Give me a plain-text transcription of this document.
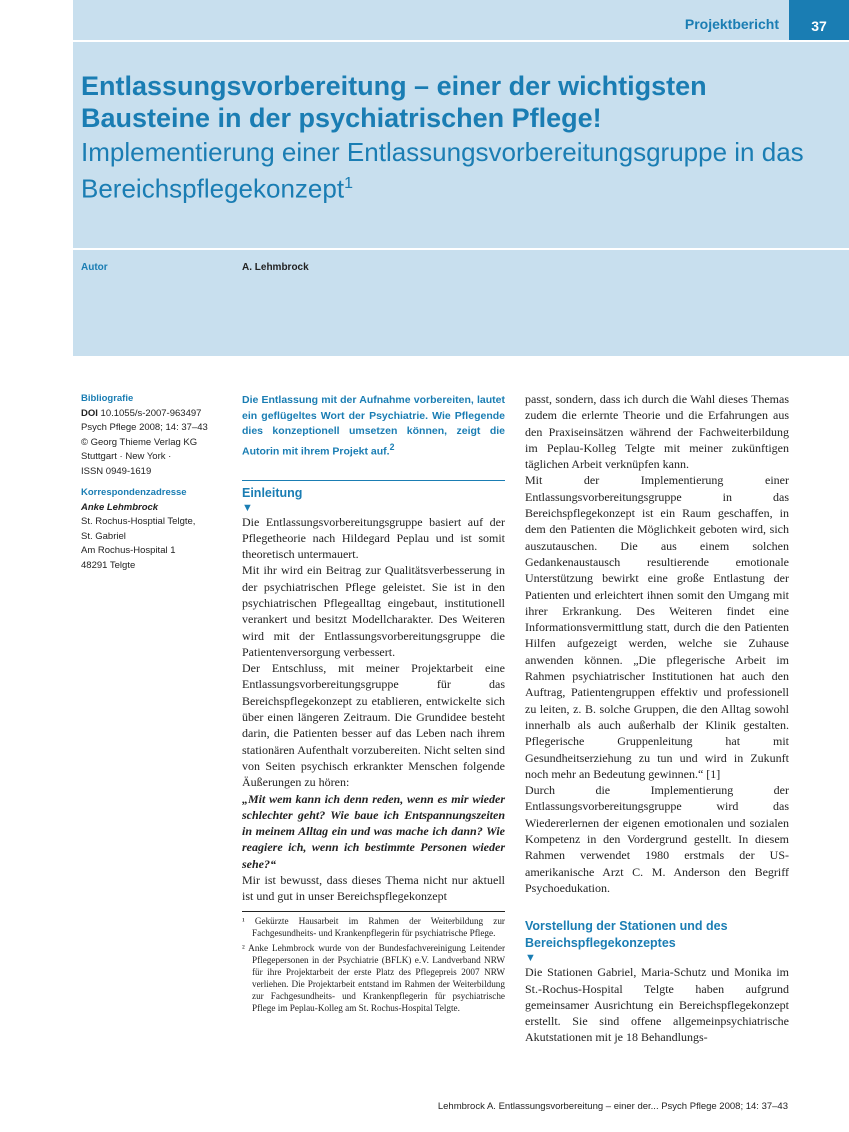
Projektbericht	37
Entlassungsvorbereitung – einer der wichtigsten Bausteine in der psychiatrischen Pflege!
Implementierung einer Entlassungsvorbereitungsgruppe in das Bereichspflegekonzept$^1$
Autor	A. Lehmbrock
Bibliografie
DOI 10.1055/s-2007-963497
Psych Pflege 2008; 14: 37–43
© Georg Thieme Verlag KG
Stuttgart · New York ·
ISSN 0949-1619
Korrespondenzadresse
Anke Lehmbrock
St. Rochus-Hosptial Telgte,
St. Gabriel
Am Rochus-Hospital 1
48291 Telgte

Die Entlassung mit der Aufnahme vorbereiten, lautet ein geflügeltes Wort der Psychiatrie. Wie Pflegende dies konzeptionell umsetzen können, zeigt die Autorin mit ihrem Projekt auf.$^2$

Einleitung
▼

Die Entlassungsvorbereitungsgruppe basiert auf der Pflegetheorie nach Hildegard Peplau und ist somit theoretisch untermauert.

Mit ihr wird ein Beitrag zur Qualitätsverbesserung in der psychiatrischen Pflege geleistet. Sie ist in den psychiatrischen Pflegealltag eingebaut, institutionell verankert und besitzt Modellcharakter. Des Weiteren wird mit der Entlassungsvorbereitungsgruppe die Patientenversorgung verbessert.

Der Entschluss, mit meiner Projektarbeit eine Entlassungsvorbereitungsgruppe für das Bereichspflegekonzept zu etablieren, entwickelte sich über einen längeren Zeitraum. Die Grundidee besteht darin, die Patienten besser auf das Leben nach ihrem stationären Aufenthalt vorzubereiten. Nicht selten sind von Seiten psychisch erkrankter Menschen folgende Äußerungen zu hören:

„Mit wem kann ich denn reden, wenn es mir wieder schlechter geht? Wie baue ich Entspannungszeiten in meinem Alltag ein und was mache ich dann? Wie reagiere ich, wenn ich bestimmte Personen wieder sehe?“

Mir ist bewusst, dass dieses Thema nicht nur aktuell ist und gut in unser Bereichspflegekonzept

¹ Gekürzte Hausarbeit im Rahmen der Weiterbildung zur Fachgesundheits- und Krankenpflegerin für psychiatrische Pflege.
² Anke Lehmbrock wurde von der Bundesfachvereinigung Leitender Pflegepersonen in der Psychiatrie (BFLK) e.V. Landverband NRW für ihre Projektarbeit der erste Platz des Pflegepreis 2007 NRW verliehen. Die Projektarbeit entstand im Rahmen der Weiterbildung zur Fachgesundheits- und Krankenpflegerin für psychiatrische Pflege im Peplau-Kolleg am St. Rochus-Hospital Telgte.

passt, sondern, dass ich durch die Wahl dieses Themas zudem die erlernte Theorie und die Erfahrungen aus den Praxiseinsätzen während der Fachweiterbildung im Peplau-Kolleg Telgte mit meiner zukünftigen täglichen Arbeit verknüpfen kann.

Mit der Implementierung einer Entlassungsvorbereitungsgruppe in das Bereichspflegekonzept ist ein Raum geschaffen, in dem den Patienten die Möglichkeit geboten wird, sich auszutauschen. Die aus einem solchen Gedankenaustausch resultierende emotionale Unterstützung bewirkt eine große Entlastung der Patienten und erleichtert ihnen somit den Umgang mit ihrer Erkrankung. Des Weiteren findet eine Informationsvermittlung statt, durch die den Patienten Hilfen aufgezeigt werden, welche sie Zuhause anwenden können. „Die pflegerische Arbeit im Rahmen psychiatrischer Institutionen hat auch den Auftrag, Patientengruppen effektiv und professionell zu leiten, z. B. solche Gruppen, die den Alltag sowohl innerhalb als auch außerhalb der Klinik gestalten. Pflegerische Gruppenleitung hat mit Gesundheitserziehung zu tun und wird in Zukunft noch mehr an Bedeutung gewinnen.“ [1]

Durch die Implementierung der Entlassungsvorbereitungsgruppe wird das Wiedererlernen der eigenen emotionalen und sozialen Kompetenz in den Vordergrund gestellt. In diesem Rahmen verwendet 1980 erstmals der US-amerikanische Arzt C. M. Anderson den Begriff Psychoedukation.

Vorstellung der Stationen und des Bereichspflegekonzeptes
▼

Die Stationen Gabriel, Maria-Schutz und Monika im St.-Rochus-Hospital Telgte haben aufgrund gemeinsamer Ausrichtung ein Bereichspflegekonzept erstellt. Sie sind offene allgemeinpsychiatrische Akutstationen mit je 18 Behandlungs-

Lehmbrock A. Entlassungsvorbereitung – einer der... Psych Pflege 2008; 14: 37–43
